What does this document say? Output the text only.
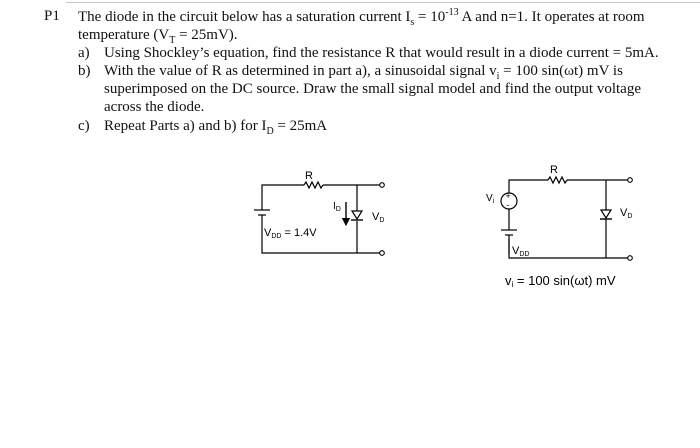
P1 The diode in the circuit below has a saturation current $I_s = 10^{-13}$ A and n=1. It operates at room
temperature $(V_T = 25mV)$.
a) Using Shockley’s equation, find the resistance R that would result in a diode current = 5mA.
b) With the value of R as determined in part a), a sinusoidal signal $v_i = 100$ sin(ωt) mV is
superimposed on the DC source. Draw the small signal model and find the output voltage
across the diode.
c) Repeat Parts a) and b) for $I_D = 25mA$
R
VDD = 1.4V
$I_D$
VD
+
-
R
$V_i$
VDD
VD
vi = 100 sin(ωt) mV
